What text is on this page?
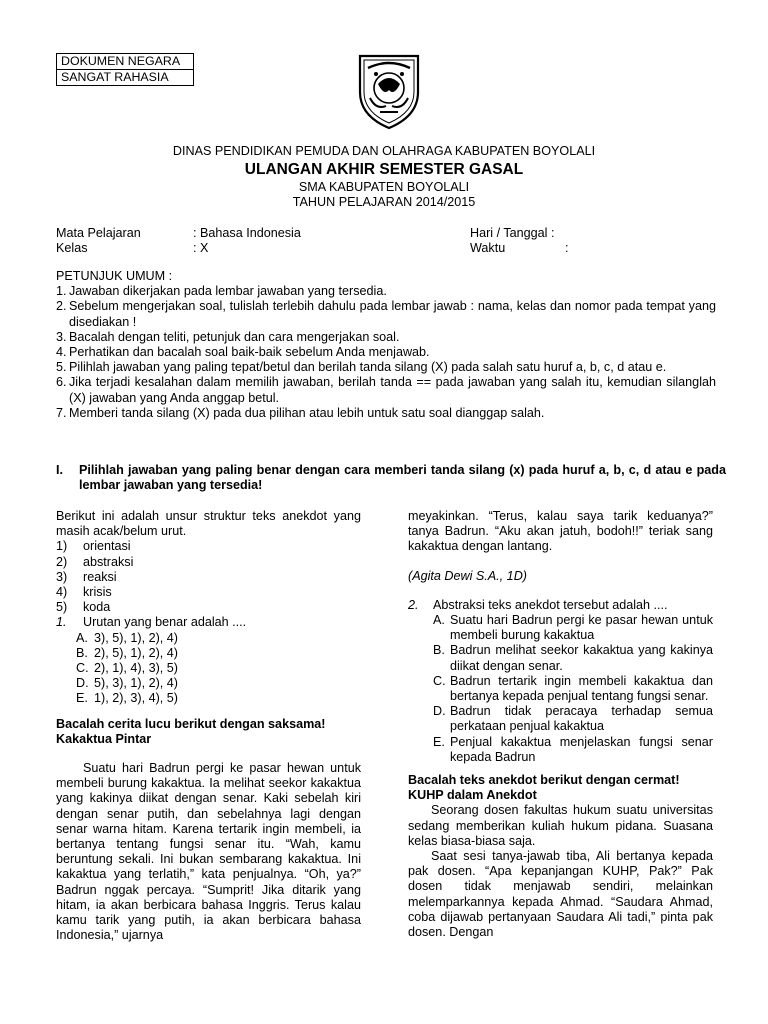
DOKUMEN NEGARA
SANGAT RAHASIA
DINAS PENDIDIKAN PEMUDA DAN OLAHRAGA KABUPATEN BOYOLALI
ULANGAN AKHIR SEMESTER GASAL
SMA KABUPATEN BOYOLALI
TAHUN PELAJARAN 2014/2015
Mata Pelajaran	: Bahasa Indonesia	Hari / Tanggal :
Kelas	: X	Waktu	:
PETUNJUK UMUM :
1. Jawaban dikerjakan pada lembar jawaban yang tersedia.
2. Sebelum mengerjakan soal, tulislah terlebih dahulu pada lembar jawab : nama, kelas dan nomor pada tempat yang disediakan !
3. Bacalah dengan teliti, petunjuk dan cara mengerjakan soal.
4. Perhatikan dan bacalah soal baik-baik sebelum Anda menjawab.
5. Pilihlah jawaban yang paling tepat/betul dan berilah tanda silang (X) pada salah satu huruf a, b, c, d atau e.
6. Jika terjadi kesalahan dalam memilih jawaban, berilah tanda == pada jawaban yang salah itu, kemudian silanglah (X) jawaban yang Anda anggap betul.
7. Memberi tanda silang (X) pada dua pilihan atau lebih untuk satu soal dianggap salah.
I.	Pilihlah jawaban yang paling benar dengan cara memberi tanda silang (x) pada huruf a, b, c, d atau e pada lembar jawaban yang tersedia!

Berikut ini adalah unsur struktur teks anekdot yang masih acak/belum urut.

1) orientasi
2) abstraksi
3) reaksi
4) krisis
5) koda
1. Urutan yang benar adalah ....
A. 3), 5), 1), 2), 4)
B. 2), 5), 1), 2), 4)
C. 2), 1), 4), 3), 5)
D. 5), 3), 1), 2), 4)
E. 1), 2), 3), 4), 5)

Bacalah cerita lucu berikut dengan saksama!

Kakaktua Pintar

Suatu hari Badrun pergi ke pasar hewan untuk membeli burung kakaktua. Ia melihat seekor kakaktua yang kakinya diikat dengan senar. Kaki sebelah kiri dengan senar putih, dan sebelahnya lagi dengan senar warna hitam. Karena tertarik ingin membeli, ia bertanya tentang fungsi senar itu. “Wah, kamu beruntung sekali. Ini bukan sembarang kakaktua. Ini kakaktua yang terlatih,” kata penjualnya. “Oh, ya?” Badrun nggak percaya. “Sumprit! Jika ditarik yang hitam, ia akan berbicara bahasa Inggris. Terus kalau kamu tarik yang putih, ia akan berbicara bahasa Indonesia,” ujarnya

meyakinkan. “Terus, kalau saya tarik keduanya?” tanya Badrun. “Aku akan jatuh, bodoh!!” teriak sang kakaktua dengan lantang.

(Agita Dewi S.A., 1D)

2. Abstraksi teks anekdot tersebut adalah ....
A. Suatu hari Badrun pergi ke pasar hewan untuk membeli burung kakaktua
B. Badrun melihat seekor kakaktua yang kakinya diikat dengan senar.
C. Badrun tertarik ingin membeli kakaktua dan bertanya kepada penjual tentang fungsi senar.
D. Badrun tidak peracaya terhadap semua perkataan penjual kakaktua
E. Penjual kakaktua menjelaskan fungsi senar kepada Badrun

Bacalah teks anekdot berikut dengan cermat!

KUHP dalam Anekdot

Seorang dosen fakultas hukum suatu universitas sedang memberikan kuliah hukum pidana. Suasana kelas biasa-biasa saja.

Saat sesi tanya-jawab tiba, Ali bertanya kepada pak dosen. “Apa kepanjangan KUHP, Pak?” Pak dosen tidak menjawab sendiri, melainkan melemparkannya kepada Ahmad. “Saudara Ahmad, coba dijawab pertanyaan Saudara Ali tadi,” pinta pak dosen. Dengan
